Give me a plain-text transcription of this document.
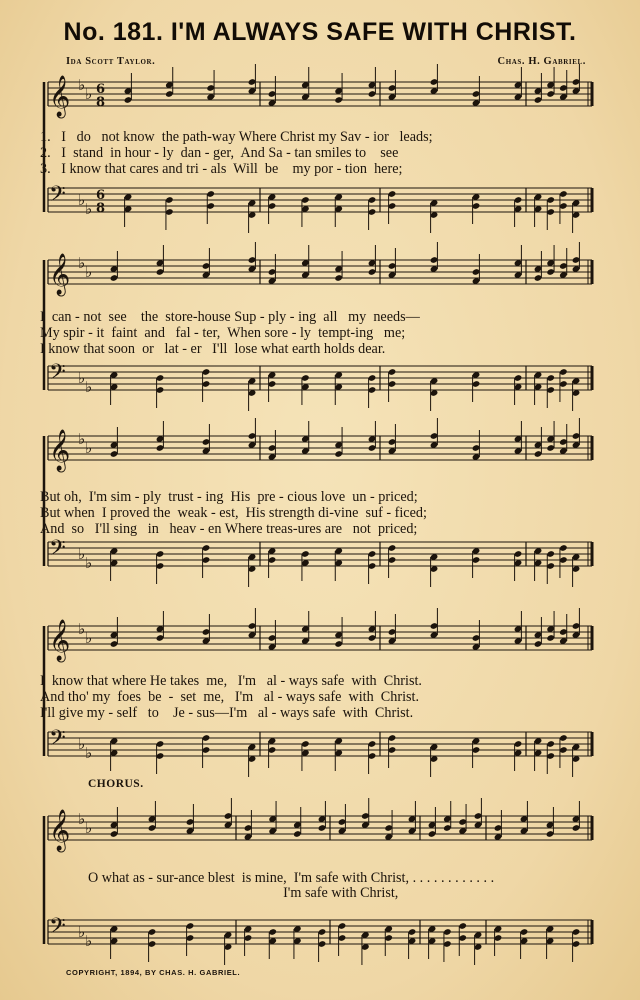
No. 181. I'M ALWAYS SAFE WITH CHRIST.
Ida Scott Taylor.	Chas. H. Gabriel.
𝄞 ♭ ♭ 6
8
𝄢 ♭ ♭
6
8
1.   I   do   not know  the path-way Where Christ my Sav - ior   leads;
2.   I  stand  in hour - ly  dan - ger,  And Sa - tan smiles to    see
3.   I know that cares and tri - als  Will  be    my por - tion  here;
𝄞 ♭ ♭
𝄢 ♭ ♭
I  can - not  see    the  store-house Sup - ply - ing  all   my  needs—
My spir - it  faint  and   fal - ter,  When sore - ly  tempt-ing   me;
I know that soon  or   lat - er   I'll  lose what earth holds dear.
𝄞 ♭ ♭
𝄢 ♭ ♭
But oh,  I'm sim - ply  trust - ing  His  pre - cious love  un - priced;
But when  I proved the  weak - est,  His strength di-vine  suf - ficed;
And  so   I'll sing   in   heav - en Where treas-ures are   not  priced;
𝄞 ♭ ♭
𝄢 ♭ ♭
I  know that where He takes  me,   I'm   al - ways safe  with  Christ.
And tho' my  foes  be  -  set  me,   I'm   al - ways safe  with  Christ.
I'll give my - self   to    Je - sus—I'm   al - ways safe  with  Christ.
CHORUS.
𝄞 ♭ ♭
𝄢 ♭ ♭
O what as - sur-ance blest  is mine,  I'm safe with Christ, . . . . . . . . . . . .
I'm safe with Christ,
COPYRIGHT, 1894, BY CHAS. H. GABRIEL.
